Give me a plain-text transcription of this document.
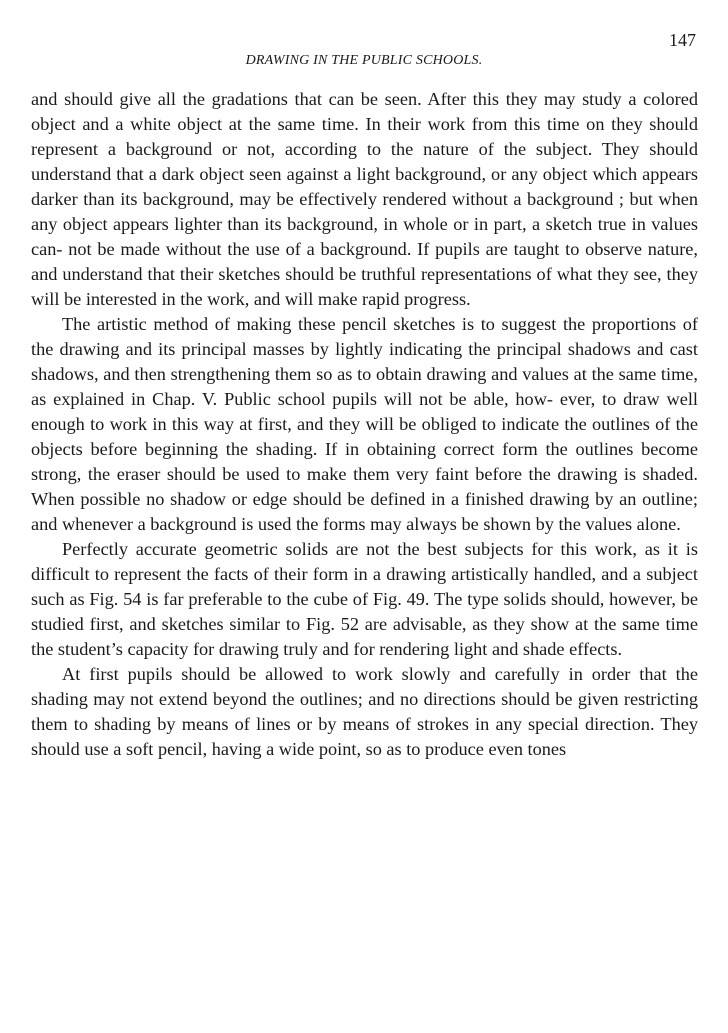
147
DRAWING IN THE PUBLIC SCHOOLS.

and should give all the gradations that can be seen. After this they may study a colored object and a white object at the same time. In their work from this time on they should represent a background or not, according to the nature of the subject. They should understand that a dark object seen against a light background, or any object which appears darker than its background, may be effectively rendered without a background ; but when any object appears lighter than its background, in whole or in part, a sketch true in values can- not be made without the use of a background. If pupils are taught to observe nature, and understand that their sketches should be truthful representations of what they see, they will be interested in the work, and will make rapid progress.

The artistic method of making these pencil sketches is to suggest the proportions of the drawing and its principal masses by lightly indicating the principal shadows and cast shadows, and then strengthening them so as to obtain drawing and values at the same time, as explained in Chap. V. Public school pupils will not be able, how- ever, to draw well enough to work in this way at first, and they will be obliged to indicate the outlines of the objects before beginning the shading. If in obtaining correct form the outlines become strong, the eraser should be used to make them very faint before the drawing is shaded. When possible no shadow or edge should be defined in a finished drawing by an outline; and whenever a background is used the forms may always be shown by the values alone.

Perfectly accurate geometric solids are not the best subjects for this work, as it is difficult to represent the facts of their form in a drawing artistically handled, and a subject such as Fig. 54 is far preferable to the cube of Fig. 49. The type solids should, however, be studied first, and sketches similar to Fig. 52 are advisable, as they show at the same time the student’s capacity for drawing truly and for rendering light and shade effects.

At first pupils should be allowed to work slowly and carefully in order that the shading may not extend beyond the outlines; and no directions should be given restricting them to shading by means of lines or by means of strokes in any special direction. They should use a soft pencil, having a wide point, so as to produce even tones
